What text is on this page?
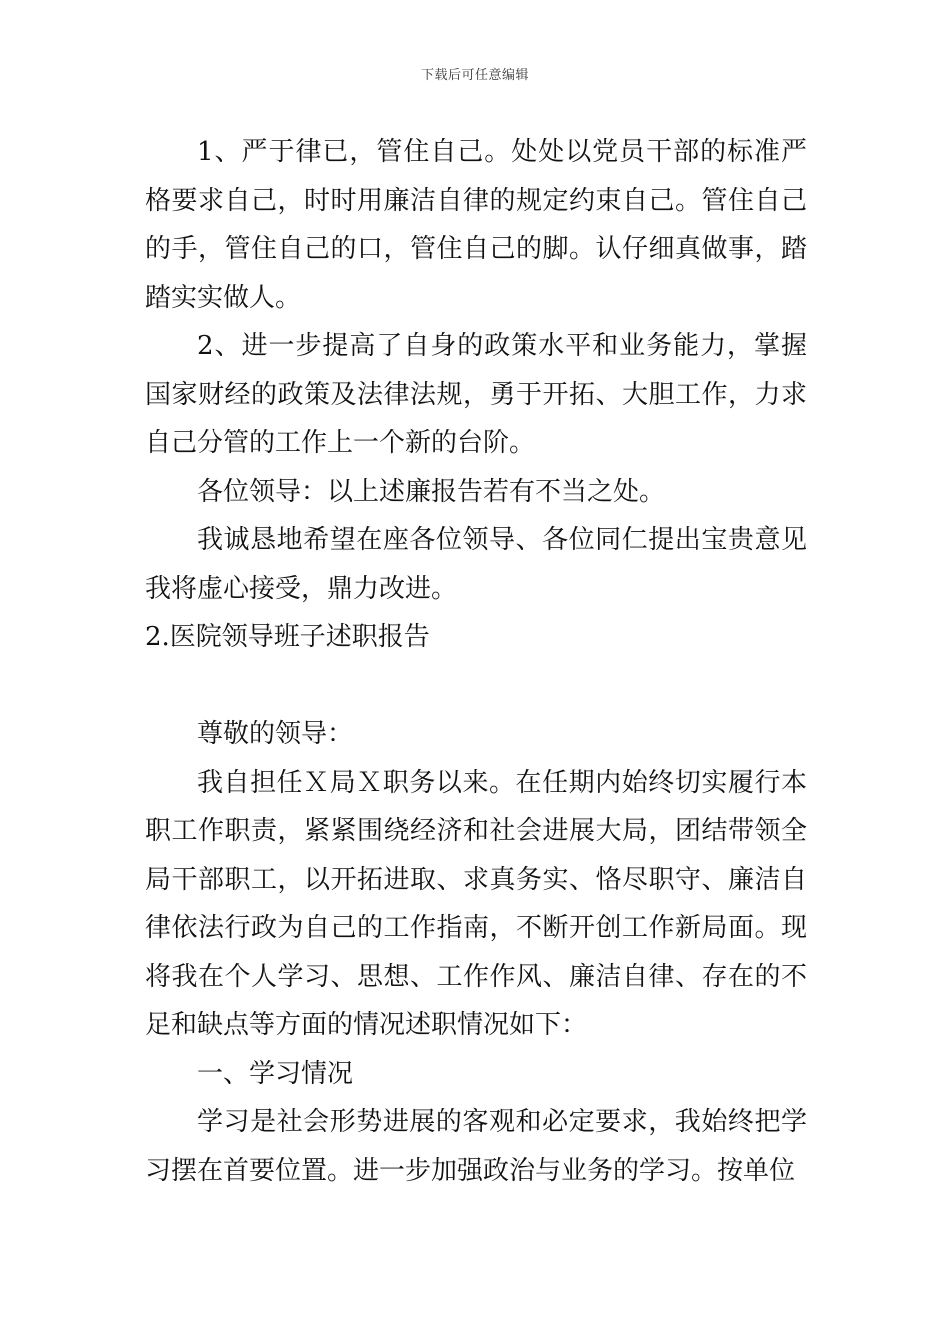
下载后可任意编辑

1、严于律已，管住自己。处处以党员干部的标准严格要求自己，时时用廉洁自律的规定约束自己。管住自己的手，管住自己的口，管住自己的脚。认仔细真做事，踏踏实实做人。

2、进一步提高了自身的政策水平和业务能力，掌握国家财经的政策及法律法规，勇于开拓、大胆工作，力求自己分管的工作上一个新的台阶。

各位领导：以上述廉报告若有不当之处。

我诚恳地希望在座各位领导、各位同仁提出宝贵意见我将虚心接受，鼎力改进。

2.医院领导班子述职报告

尊敬的领导：

我自担任Ｘ局Ｘ职务以来。在任期内始终切实履行本职工作职责，紧紧围绕经济和社会进展大局，团结带领全局干部职工，以开拓进取、求真务实、恪尽职守、廉洁自律依法行政为自己的工作指南，不断开创工作新局面。现将我在个人学习、思想、工作作风、廉洁自律、存在的不足和缺点等方面的情况述职情况如下：

一、学习情况

学习是社会形势进展的客观和必定要求，我始终把学习摆在首要位置。进一步加强政治与业务的学习。按单位
